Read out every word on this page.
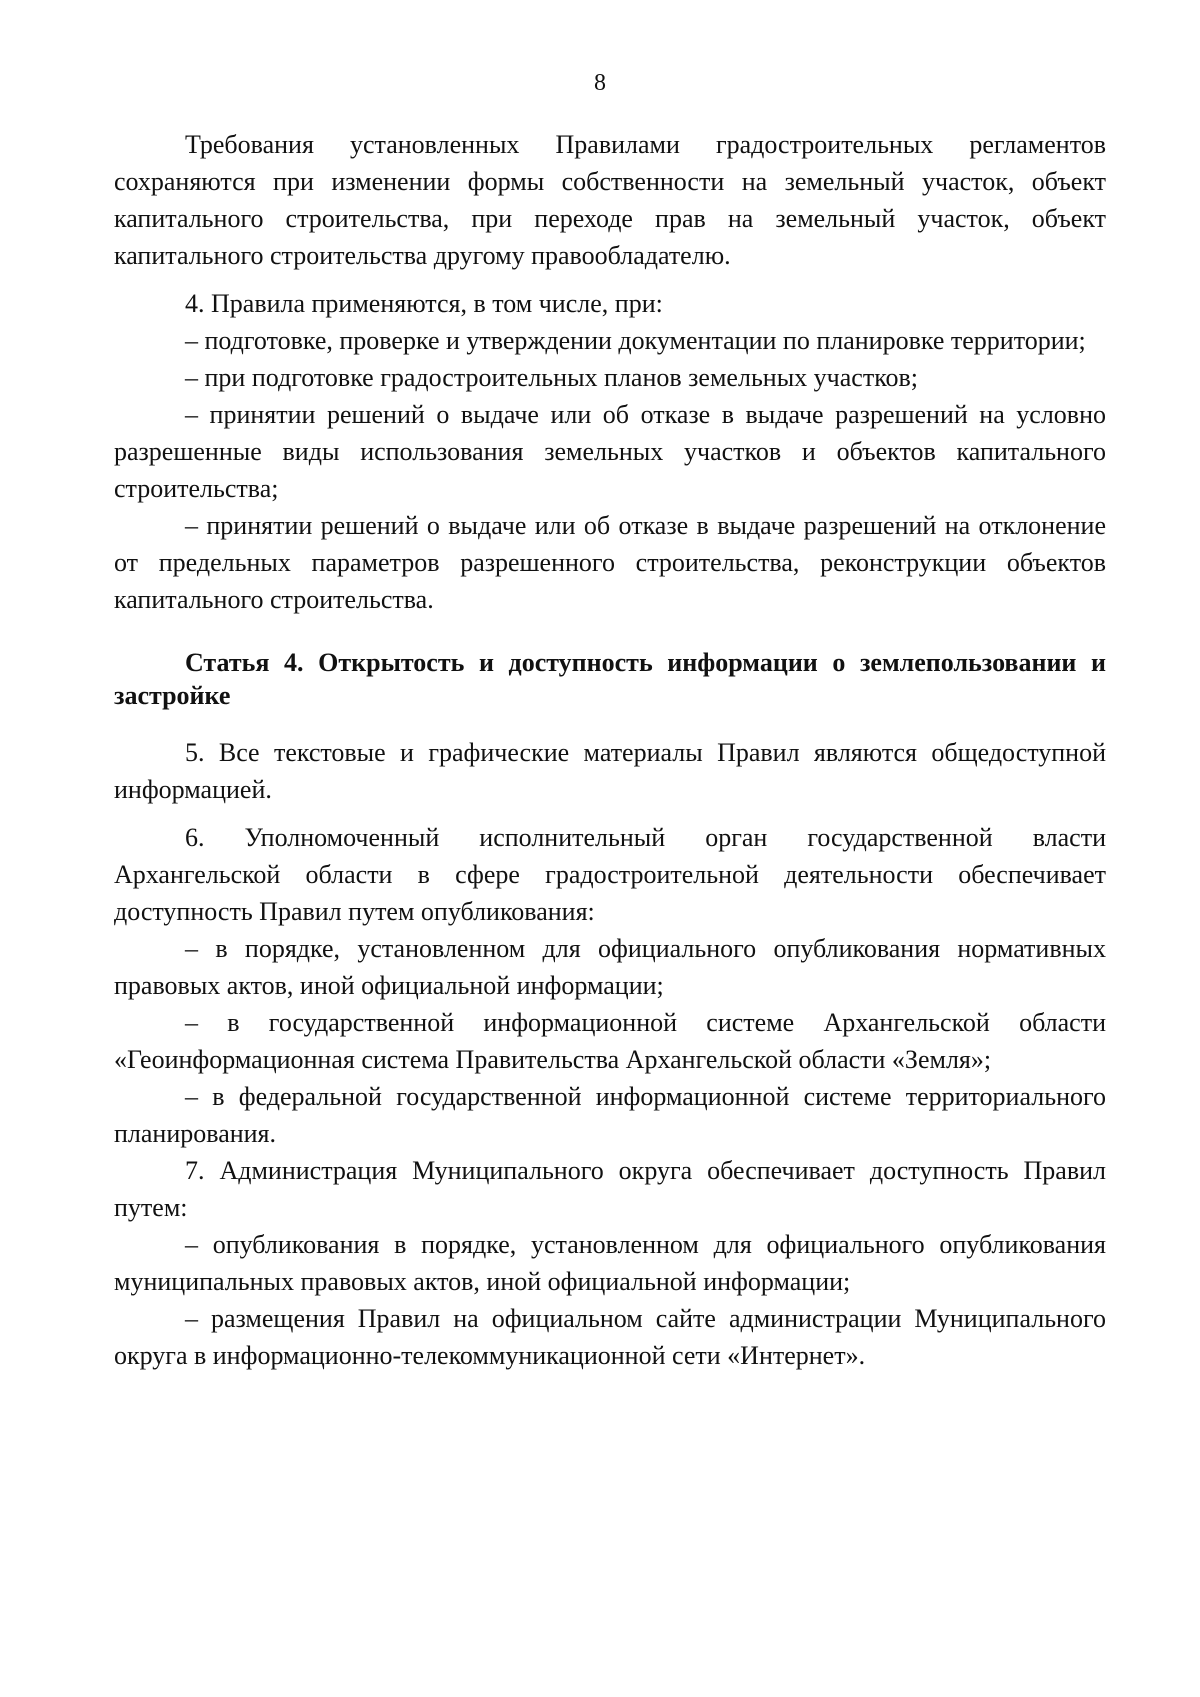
8

Требования установленных Правилами градостроительных регламентов сохраняются при изменении формы собственности на земельный участок, объект капитального строительства, при переходе прав на земельный участок, объект капитального строительства другому правообладателю.

4. Правила применяются, в том числе, при:

– подготовке, проверке и утверждении документации по планировке территории;

– при подготовке градостроительных планов земельных участков;

– принятии решений о выдаче или об отказе в выдаче разрешений на условно разрешенные виды использования земельных участков и объектов капитального строительства;

– принятии решений о выдаче или об отказе в выдаче разрешений на отклонение от предельных параметров разрешенного строительства, реконструкции объектов капитального строительства.

Статья 4. Открытость и доступность информации о землепользовании и застройке

5. Все текстовые и графические материалы Правил являются общедоступной информацией.

6. Уполномоченный исполнительный орган государственной власти Архангельской области в сфере градостроительной деятельности обеспечивает доступность Правил путем опубликования:

– в порядке, установленном для официального опубликования нормативных правовых актов, иной официальной информации;

– в государственной информационной системе Архангельской области «Геоинформационная система Правительства Архангельской области «Земля»;

– в федеральной государственной информационной системе территориального планирования.

7. Администрация Муниципального округа обеспечивает доступность Правил путем:

– опубликования в порядке, установленном для официального опубликования муниципальных правовых актов, иной официальной информации;

– размещения Правил на официальном сайте администрации Муниципального округа в информационно-телекоммуникационной сети «Интернет».
